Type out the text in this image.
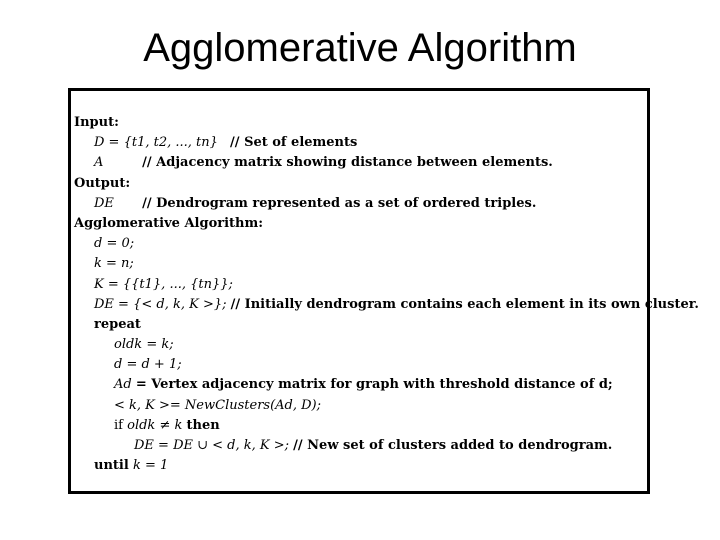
Agglomerative Algorithm
Input:
D = {t1, t2, ..., tn} // Set of elements
A	// Adjacency matrix showing distance between elements.
Output:
DE // Dendrogram represented as a set of ordered triples.
Agglomerative Algorithm:
d = 0;
k = n;
K = {{t1}, ..., {tn}};
DE = {< d, k, K >}; // Initially dendrogram contains each element in its own cluster.
repeat
oldk = k;
d = d + 1;
Ad = Vertex adjacency matrix for graph with threshold distance of d;
< k, K >= NewClusters(Ad, D);
if oldk ≠ k then
DE = DE ∪ < d, k, K >; // New set of clusters added to dendrogram.
until k = 1
